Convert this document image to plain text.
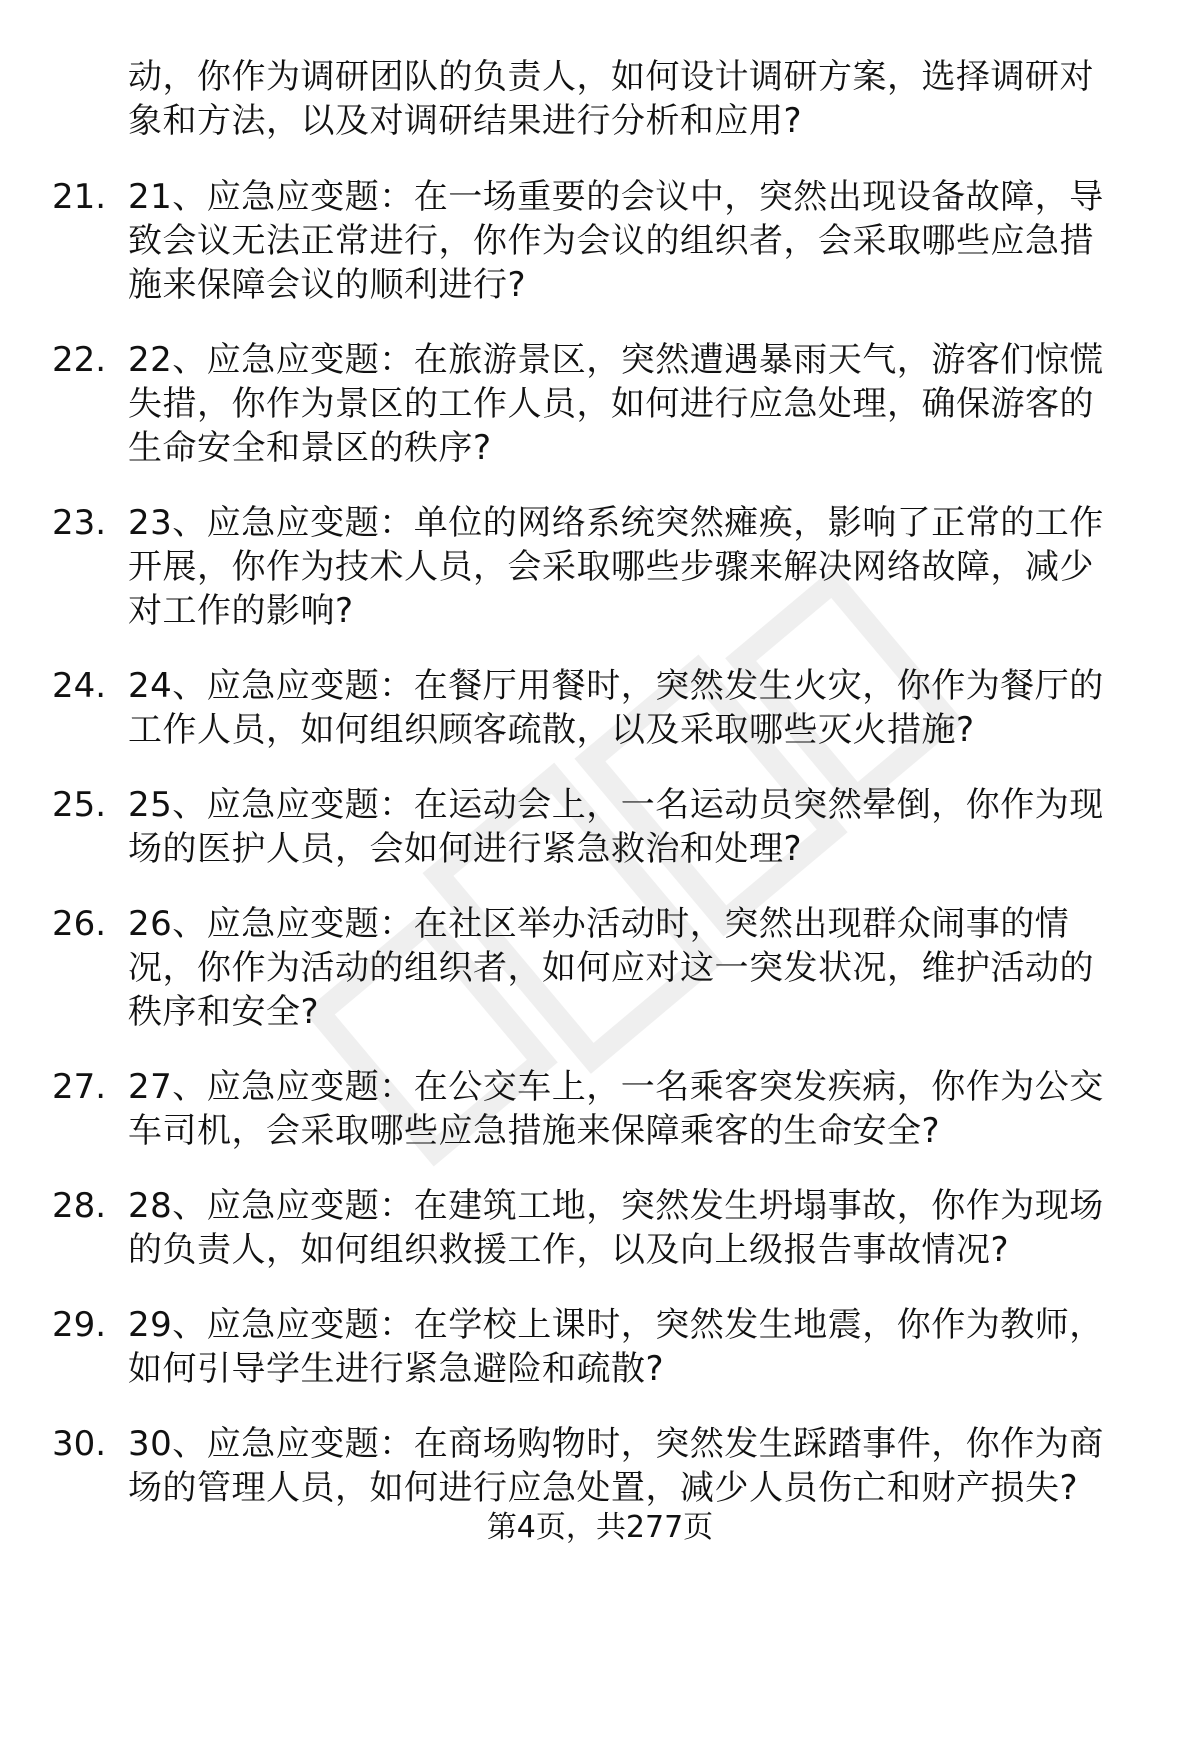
动，你作为调研团队的负责人，如何设计调研方案，选择调研对
象和方法，以及对调研结果进行分析和应用?
21. 21、应急应变题：在一场重要的会议中，突然出现设备故障，导
致会议无法正常进行，你作为会议的组织者，会采取哪些应急措
施来保障会议的顺利进行?
22. 22、应急应变题：在旅游景区，突然遭遇暴雨天气，游客们惊慌
失措，你作为景区的工作人员，如何进行应急处理，确保游客的
生命安全和景区的秩序?
23. 23、应急应变题：单位的网络系统突然瘫痪，影响了正常的工作
开展，你作为技术人员，会采取哪些步骤来解决网络故障，减少
对工作的影响?
24. 24、应急应变题：在餐厅用餐时，突然发生火灾，你作为餐厅的
工作人员，如何组织顾客疏散，以及采取哪些灭火措施?
25. 25、应急应变题：在运动会上，一名运动员突然晕倒，你作为现
场的医护人员，会如何进行紧急救治和处理?
26. 26、应急应变题：在社区举办活动时，突然出现群众闹事的情
况，你作为活动的组织者，如何应对这一突发状况，维护活动的
秩序和安全?
27. 27、应急应变题：在公交车上，一名乘客突发疾病，你作为公交
车司机，会采取哪些应急措施来保障乘客的生命安全?
28. 28、应急应变题：在建筑工地，突然发生坍塌事故，你作为现场
的负责人，如何组织救援工作，以及向上级报告事故情况?
29. 29、应急应变题：在学校上课时，突然发生地震，你作为教师，
如何引导学生进行紧急避险和疏散?
30. 30、应急应变题：在商场购物时，突然发生踩踏事件，你作为商
场的管理人员，如何进行应急处置，减少人员伤亡和财产损失?
第4页，共277页
